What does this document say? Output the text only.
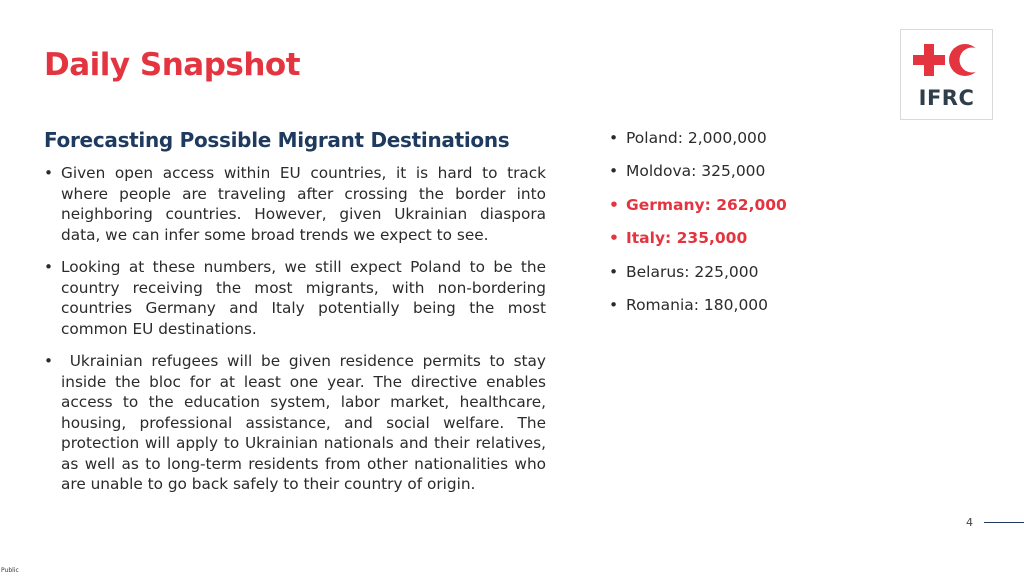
Daily Snapshot
IFRC
Forecasting Possible Migrant Destinations
• Given open access within EU countries, it is hard to track where people are traveling after crossing the border into neighboring countries. However, given Ukrainian diaspora data, we can infer some broad trends we expect to see.
• Looking at these numbers, we still expect Poland to be the country receiving the most migrants, with non-bordering countries Germany and Italy potentially being the most common EU destinations.
• Ukrainian refugees will be given residence permits to stay inside the bloc for at least one year. The directive enables access to the education system, labor market, healthcare, housing, professional assistance, and social welfare. The protection will apply to Ukrainian nationals and their relatives, as well as to long-term residents from other nationalities who are unable to go back safely to their country of origin.
• Poland: 2,000,000
• Moldova: 325,000
• Germany: 262,000
• Italy: 235,000
• Belarus: 225,000
• Romania: 180,000
4
Public
